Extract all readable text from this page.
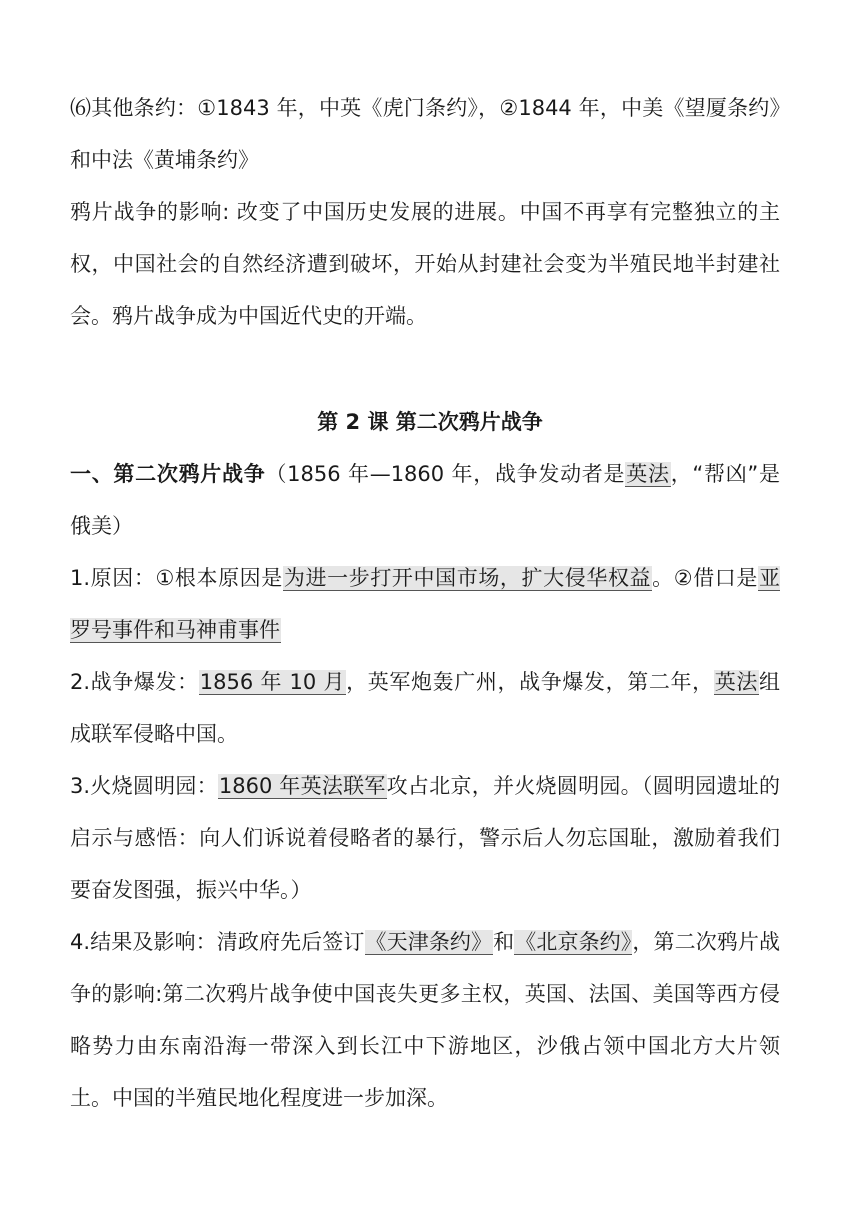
⑹其他条约：①1843 年，中英《虎门条约》，②1844 年，中美《望厦条约》和中法《黄埔条约》

鸦片战争的影响: 改变了中国历史发展的进展。中国不再享有完整独立的主权，中国社会的自然经济遭到破坏，开始从封建社会变为半殖民地半封建社会。鸦片战争成为中国近代史的开端。

第 2 课 第二次鸦片战争

一、第二次鸦片战争（1856 年—1860 年，战争发动者是英法，“帮凶”是俄美）

1.原因：①根本原因是为进一步打开中国市场，扩大侵华权益。②借口是亚罗号事件和马神甫事件

2.战争爆发：1856 年 10 月，英军炮轰广州，战争爆发，第二年，英法组成联军侵略中国。

3.火烧圆明园：1860 年英法联军攻占北京，并火烧圆明园。（圆明园遗址的启示与感悟：向人们诉说着侵略者的暴行，警示后人勿忘国耻，激励着我们要奋发图强，振兴中华。）

4.结果及影响：清政府先后签订《天津条约》和《北京条约》，第二次鸦片战争的影响:第二次鸦片战争使中国丧失更多主权，英国、法国、美国等西方侵略势力由东南沿海一带深入到长江中下游地区，沙俄占领中国北方大片领土。中国的半殖民地化程度进一步加深。
